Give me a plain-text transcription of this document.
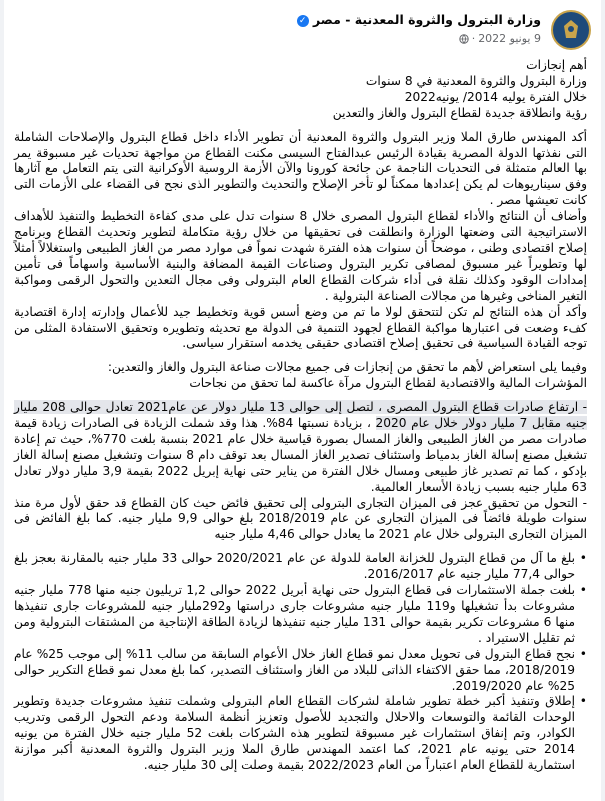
وزارة البترول والثروة المعدنية - مصر ✓
9 يونيو 2022·

أهم إنجازات

وزارة البترول والثروة المعدنية في 8 سنوات

خلال الفترة يوليه 2014/ يونيه2022

رؤية وانطلاقة جديدة لقطاع البترول والغاز والتعدين

أكد المهندس طارق الملا وزير البترول والثروة المعدنية أن تطوير الأداء داخل قطاع البترول والإصلاحات الشاملة التى نفذتها الدولة المصرية بقيادة الرئيس عبدالفتاح السيسى مكنت القطاع من مواجهة تحديات غير مسبوقة يمر بها العالم متمثلة فى التحديات الناجمة عن جائحة كورونا والآن الأزمة الروسية الأوكرانية التى يتم التعامل مع آثارها وفق سيناريوهات لم يكن إعدادها ممكناً لو تأخر الإصلاح والتحديث والتطوير الذى نجح فى القضاء على الأزمات التى كانت تعيشها مصر .

وأضاف أن النتائج والأداء لقطاع البترول المصرى خلال 8 سنوات تدل على مدى كفاءة التخطيط والتنفيذ للأهداف الاستراتيجية التى وضعتها الوزارة وانطلقت فى تحقيقها من خلال رؤية متكاملة لتطوير وتحديث القطاع وبرنامج إصلاح اقتصادى وطنى ، موضحاً أن سنوات هذه الفترة شهدت نمواً فى موارد مصر من الغاز الطبيعى واستغلالاً أمثلاً لها وتطويراً غير مسبوق لمصافى تكرير البترول وصناعات القيمة المضافة والبنية الأساسية واسهاماً فى تأمين إمدادات الوقود وكذلك نقلة فى أداء شركات القطاع العام البترولى وفى مجال التعدين والتحول الرقمى ومواكبة التغير المناخى وغيرها من مجالات الصناعة البترولية .

وأكد أن هذه النتائج لم تكن لتتحقق لولا ما تم من وضع أسس قوية وتخطيط جيد للأعمال وإدارته إدارة اقتصادية كفء وضعت فى اعتبارها مواكبة القطاع لجهود التنمية فى الدولة مع تحديثه وتطويره وتحقيق الاستفادة المثلى من توجه القيادة السياسية فى تحقيق إصلاح اقتصادى حقيقى يخدمه استقرار سياسى.

وفيما يلى استعراض لأهم ما تحقق من إنجازات فى جميع مجالات صناعة البترول والغاز والتعدين:

المؤشرات المالية والاقتصادية لقطاع البترول مرآة عاكسة لما تحقق من نجاحات

- ارتفاع صادرات قطاع البترول المصرى ، لتصل إلى حوالى 13 مليار دولار عن عام2021 تعادل حوالى 208 مليار جنيه مقابل 7 مليار دولار خلال عام 2020 ، بزيادة نسبتها 84%. هذا وقد شملت الزيادة فى الصادرات زيادة قيمة صادرات مصر من الغاز الطبيعى والغاز المسال بصورة قياسية خلال عام 2021 بنسبة بلغت 770%، حيث تم إعادة تشغيل مصنع إسالة الغاز بدمياط واستئناف تصدير الغاز المسال بعد توقف دام 8 سنوات وتشغيل مصنع إسالة الغاز بإدكو ، كما تم تصدير غاز طبيعى ومسال خلال الفترة من يناير حتى نهاية إبريل 2022 بقيمة 3,9 مليار دولار تعادل 63 مليار جنيه بسبب زيادة الأسعار العالمية.

- التحول من تحقيق عجز فى الميزان التجارى البترولى إلى تحقيق فائض حيث كان القطاع قد حقق لأول مرة منذ سنوات طويلة فائضاً فى الميزان التجارى عن عام 2018/2019 بلغ حوالى 9,9 مليار جنيه. كما بلغ الفائض فى الميزان التجارى البترولى خلال عام 2021 ما يعادل حوالى 4,46 مليار جنيه

• بلغ ما آل من قطاع البترول للخزانة العامة للدولة عن عام 2020/2021 حوالى 33 مليار جنيه بالمقارنة بعجز بلغ حوالى 77,4 مليار جنيه عام 2016/2017.

• بلغت جملة الاستثمارات فى قطاع البترول حتى نهاية أبريل 2022 حوالى 1,2 تريليون جنيه منها 778 مليار جنيه مشروعات بدأ تشغيلها و119 مليار جنيه مشروعات جارى دراستها و292مليار جنيه للمشروعات جارى تنفيذها منها 6 مشروعات تكرير بقيمة حوالى 131 مليار جنيه تنفيذها لزيادة الطاقة الإنتاجية من المشتقات البترولية ومن ثم تقليل الاستيراد .

• نجح قطاع البترول فى تحويل معدل نمو قطاع الغاز خلال الأعوام السابقة من سالب 11% إلى موجب 25% عام 2018/2019، مما حقق الاكتفاء الذاتى للبلاد من الغاز واستئناف التصدير، كما بلغ معدل نمو قطاع التكرير حوالى 25% عام 2019/2020.

• إطلاق وتنفيذ أكبر خطة تطوير شاملة لشركات القطاع العام البترولى وشملت تنفيذ مشروعات جديدة وتطوير الوحدات القائمة والتوسعات والاحلال والتجديد للأصول وتعزيز أنظمة السلامة ودعم التحول الرقمى وتدريب الكوادر، وتم إنفاق استثمارات غير مسبوقة لتطوير هذه الشركات بلغت 52 مليار جنيه خلال الفترة من يونيه 2014 حتى يونيه عام 2021، كما اعتمد المهندس طارق الملا وزير البترول والثروة المعدنية أكبر موازنة استثمارية للقطاع العام اعتباراً من العام 2022/2023 بقيمة وصلت إلى 30 مليار جنيه.
